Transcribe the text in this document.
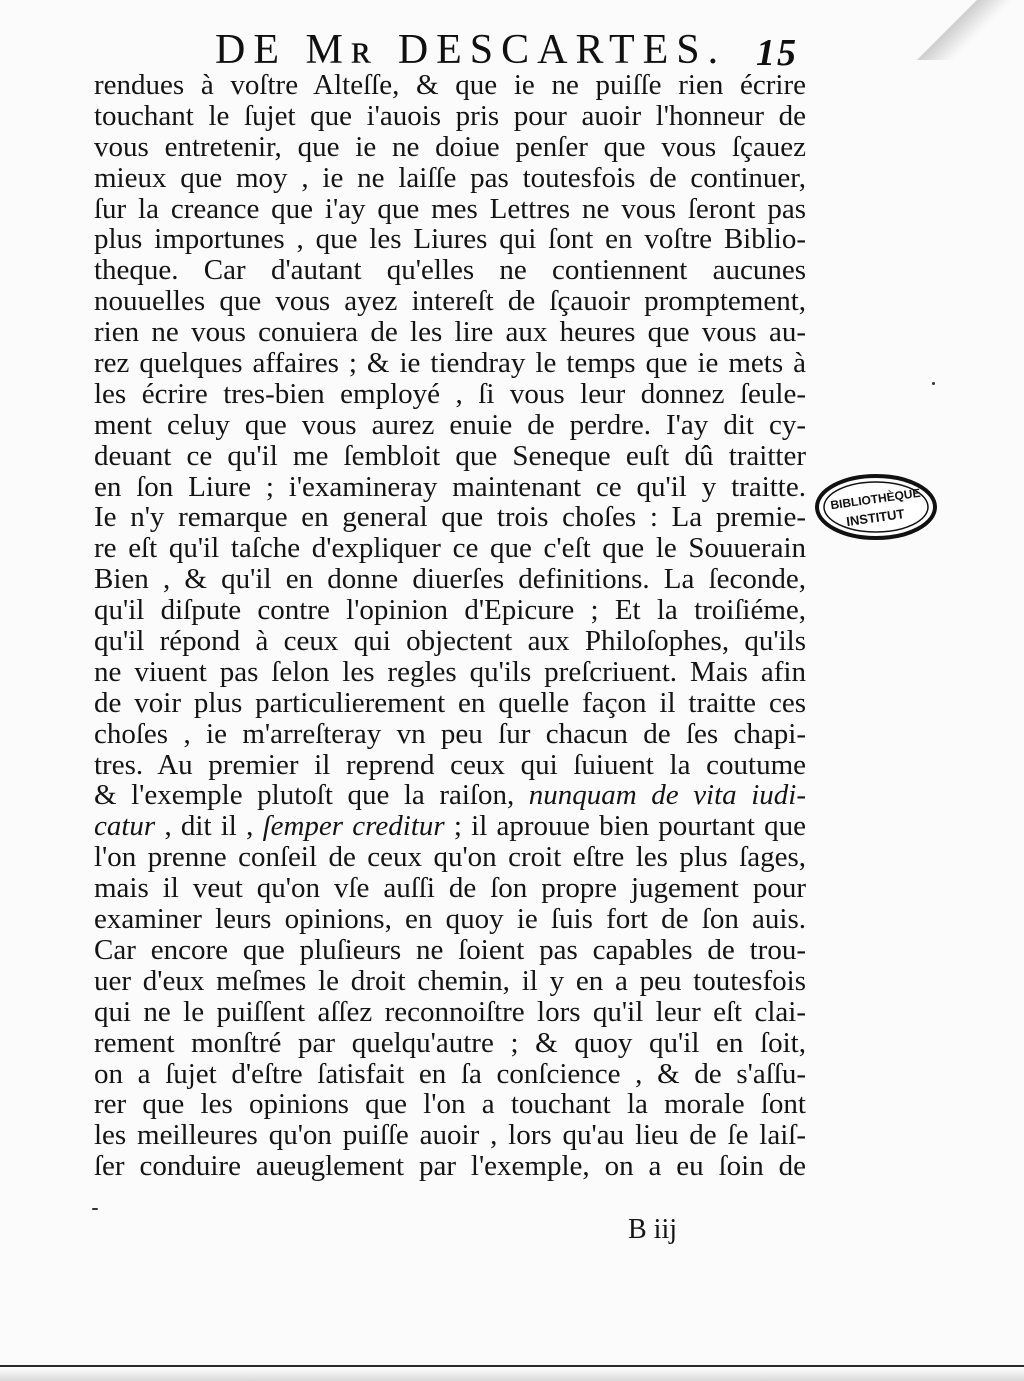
DE Mʀ DESCARTES. 15
rendues à voſtre Alteſſe, & que ie ne puiſſe rien écrire
touchant le ſujet que i'auois pris pour auoir l'honneur de
vous entretenir, que ie ne doiue penſer que vous ſçauez
mieux que moy , ie ne laiſſe pas toutesfois de continuer,
ſur la creance que i'ay que mes Lettres ne vous ſeront pas
plus importunes , que les Liures qui ſont en voſtre Biblio-
theque. Car d'autant qu'elles ne contiennent aucunes
nouuelles que vous ayez intereſt de ſçauoir promptement,
rien ne vous conuiera de les lire aux heures que vous au-
rez quelques affaires ; & ie tiendray le temps que ie mets à
les écrire tres-bien employé , ſi vous leur donnez ſeule-
ment celuy que vous aurez enuie de perdre. I'ay dit cy-
deuant ce qu'il me ſembloit que Seneque euſt dû traitter
en ſon Liure ; i'examineray maintenant ce qu'il y traitte.
Ie n'y remarque en general que trois choſes : La premie-
re eſt qu'il taſche d'expliquer ce que c'eſt que le Souuerain
Bien , & qu'il en donne diuerſes definitions. La ſeconde,
qu'il diſpute contre l'opinion d'Epicure ; Et la troiſiéme,
qu'il répond à ceux qui objectent aux Philoſophes, qu'ils
ne viuent pas ſelon les regles qu'ils preſcriuent. Mais afin
de voir plus particulierement en quelle façon il traitte ces
choſes , ie m'arreſteray vn peu ſur chacun de ſes chapi-
tres. Au premier il reprend ceux qui ſuiuent la coutume
& l'exemple plutoſt que la raiſon, nunquam de vita iudi-
catur , dit il , ſemper creditur ; il aprouue bien pourtant que
l'on prenne conſeil de ceux qu'on croit eſtre les plus ſages,
mais il veut qu'on vſe auſſi de ſon propre jugement pour
examiner leurs opinions, en quoy ie ſuis fort de ſon auis.
Car encore que pluſieurs ne ſoient pas capables de trou-
uer d'eux meſmes le droit chemin, il y en a peu toutesfois
qui ne le puiſſent aſſez reconnoiſtre lors qu'il leur eſt clai-
rement monſtré par quelqu'autre ; & quoy qu'il en ſoit,
on a ſujet d'eſtre ſatisfait en ſa conſcience , & de s'aſſu-
rer que les opinions que l'on a touchant la morale ſont
les meilleures qu'on puiſſe auoir , lors qu'au lieu de ſe laiſ-
ſer conduire aueuglement par l'exemple, on a eu ſoin de
B iij
BIBLIOTHÈQUE
INSTITUT
